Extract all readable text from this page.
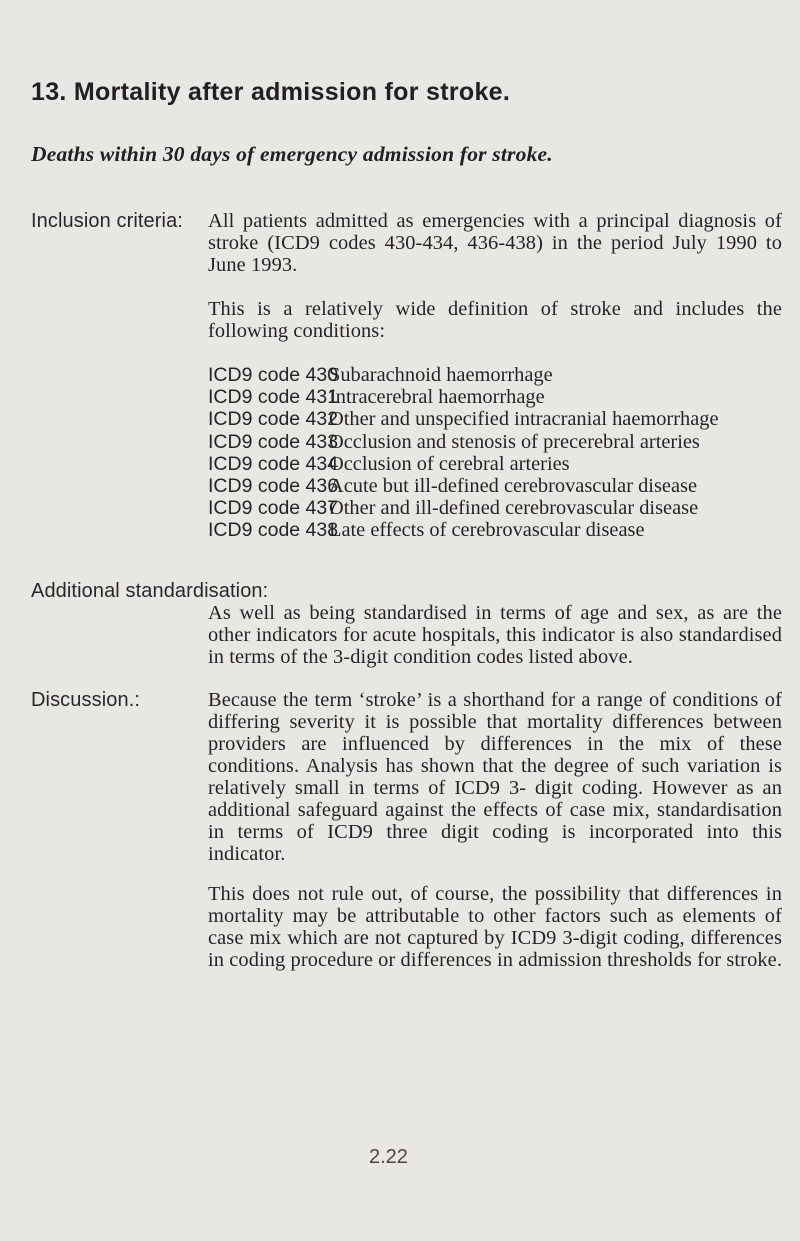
13. Mortality after admission for stroke.
Deaths within 30 days of emergency admission for stroke.
Inclusion criteria: All patients admitted as emergencies with a principal diagnosis of stroke (ICD9 codes 430-434, 436-438) in the period July 1990 to June 1993.

This is a relatively wide definition of stroke and includes the following conditions:

ICD9 code 430
Subarachnoid haemorrhage
ICD9 code 431
Intracerebral haemorrhage
ICD9 code 432
Other and unspecified intracranial haemorrhage
ICD9 code 433
Occlusion and stenosis of precerebral arteries
ICD9 code 434
Occlusion of cerebral arteries
ICD9 code 436
Acute but ill-defined cerebrovascular disease
ICD9 code 437
Other and ill-defined cerebrovascular disease
ICD9 code 438
Late effects of cerebrovascular disease
Additional standardisation:

As well as being standardised in terms of age and sex, as are the other indicators for acute hospitals, this indicator is also standardised in terms of the 3-digit condition codes listed above.

Discussion.:	Because the term ‘stroke’ is a shorthand for a range of conditions of differing severity it is possible that mortality differences between providers are influenced by differences in the mix of these conditions. Analysis has shown that the degree of such variation is relatively small in terms of ICD9 3- digit coding. However as an additional safeguard against the effects of case mix, standardisation in terms of ICD9 three digit coding is incorporated into this indicator.

This does not rule out, of course, the possibility that differences in mortality may be attributable to other factors such as elements of case mix which are not captured by ICD9 3-digit coding, differences in coding procedure or differences in admission thresholds for stroke.

2.22
